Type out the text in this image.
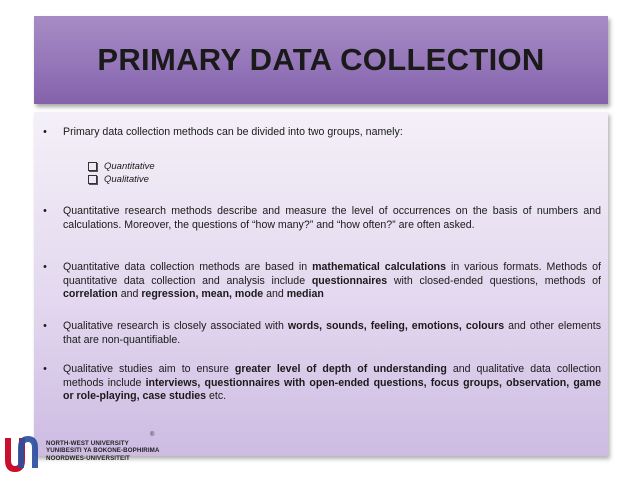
PRIMARY DATA COLLECTION
•	Primary data collection methods can be divided into two groups, namely:
Quantitative
Qualitative
•	Quantitative research methods describe and measure the level of occurrences on the basis of numbers and calculations. Moreover, the questions of “how many?” and “how often?” are often asked.
•	Quantitative data collection methods are based in mathematical calculations in various formats. Methods of quantitative data collection and analysis include questionnaires with closed-ended questions, methods of correlation and regression, mean, mode and median
•	Qualitative research is closely associated with words, sounds, feeling, emotions, colours and other elements that are non-quantifiable.
•	Qualitative studies aim to ensure greater level of depth of understanding and qualitative data collection methods include interviews, questionnaires with open-ended questions, focus groups, observation, game or role-playing, case studies etc.
NORTH-WEST UNIVERSITY
YUNIBESITI YA BOKONE-BOPHIRIMA
NOORDWES-UNIVERSITEIT
®
